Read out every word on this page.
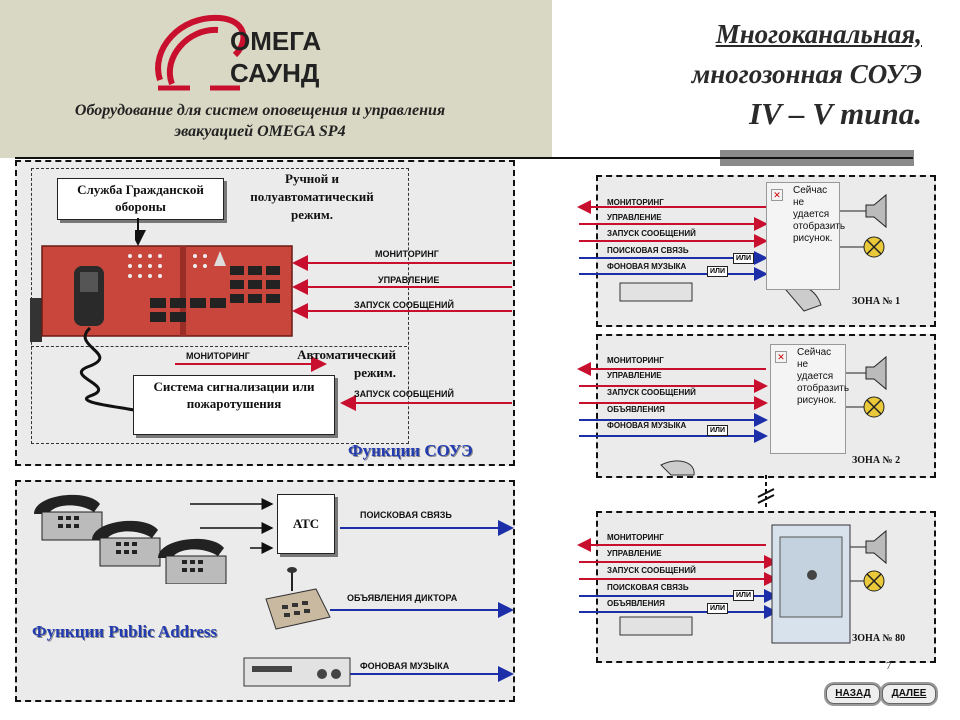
ОМЕГА
САУНД
Оборудование для систем оповещения и управления эвакуацией OMEGA SP4
Многоканальная,
многозонная СОУЭ
IV – V типа.
Служба Гражданской обороны
Ручной и полуавтоматический режим.
МОНИТОРИНГ
УПРАВЛЕНИЕ
ЗАПУСК СООБЩЕНИЙ
МОНИТОРИНГ	Автоматический режим.
Система сигнализации или пожаротушения
ЗАПУСК СООБЩЕНИЙ
Функции СОУЭ
АТС
ПОИСКОВАЯ СВЯЗЬ
ОБЪЯВЛЕНИЯ ДИКТОРА
ФОНОВАЯ МУЗЫКА
Функции Public Address
МОНИТОРИНГ
УПРАВЛЕНИЕ
ЗАПУСК СООБЩЕНИЙ
ПОИСКОВАЯ СВЯЗЬ
ФОНОВАЯ МУЗЫКА
ИЛИ
ИЛИ
✕ Сейчас не удается отобразить рисунок.
ЗОНА № 1
МОНИТОРИНГ
УПРАВЛЕНИЕ
ЗАПУСК СООБЩЕНИЙ
ОБЪЯВЛЕНИЯ
ФОНОВАЯ МУЗЫКА
ИЛИ
✕ Сейчас не удается отобразить рисунок.
ЗОНА № 2
МОНИТОРИНГ
УПРАВЛЕНИЕ
ЗАПУСК СООБЩЕНИЙ
ПОИСКОВАЯ СВЯЗЬ
ОБЪЯВЛЕНИЯ
ИЛИ
ИЛИ
ЗОНА № 80
7
НАЗАД	ДАЛЕЕ
